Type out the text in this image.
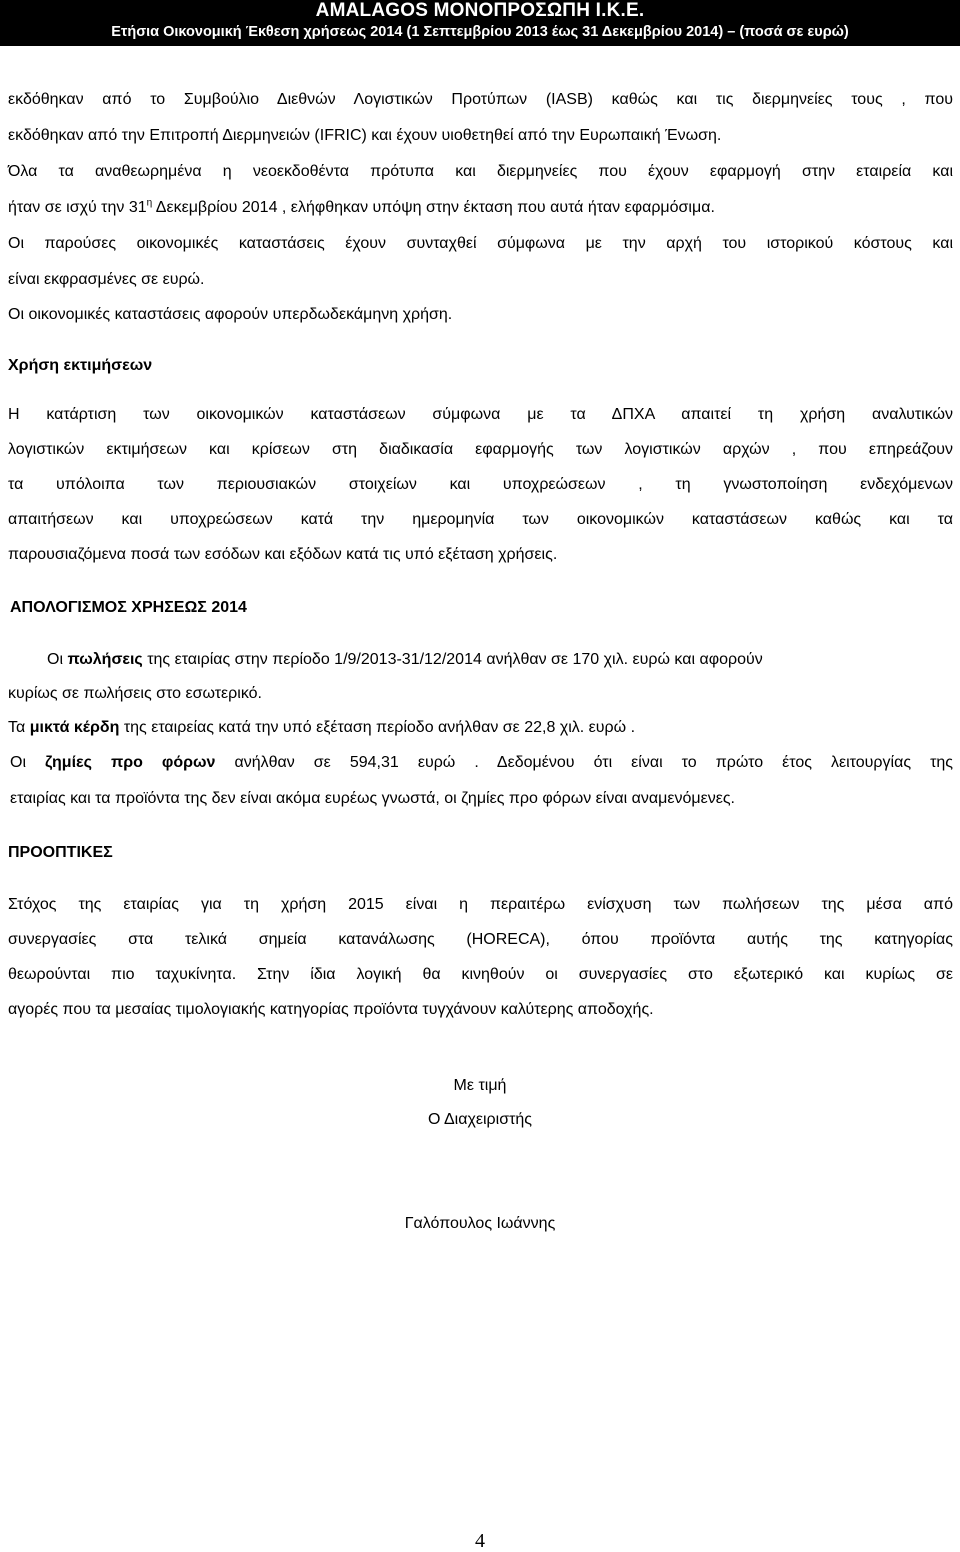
AMALAGOS ΜΟΝΟΠΡΟΣΩΠΗ Ι.Κ.Ε.
Ετήσια Οικονομική Έκθεση χρήσεως 2014 (1 Σεπτεμβρίου 2013 έως 31 Δεκεμβρίου 2014) – (ποσά σε ευρώ)
εκδόθηκαν από το Συμβούλιο Διεθνών Λογιστικών Προτύπων (IASB) καθώς και τις διερμηνείες τους , που
εκδόθηκαν από την Επιτροπή Διερμηνειών (IFRIC) και έχουν υιοθετηθεί από την Ευρωπαική Ένωση.
Όλα τα αναθεωρημένα η νεοεκδοθέντα πρότυπα και διερμηνείες που έχουν εφαρμογή στην εταιρεία και
ήταν σε ισχύ την $31^\eta$ Δεκεμβρίου 2014 , ελήφθηκαν υπόψη στην έκταση που αυτά ήταν εφαρμόσιμα.
Οι παρούσες οικονομικές καταστάσεις έχουν συνταχθεί σύμφωνα με την αρχή του ιστορικού κόστους και
είναι εκφρασμένες σε ευρώ.
Οι οικονομικές καταστάσεις αφορούν υπερδωδεκάμηνη χρήση.
Χρήση εκτιμήσεων
Η κατάρτιση των οικονομικών καταστάσεων σύμφωνα με τα ΔΠΧΑ απαιτεί τη χρήση αναλυτικών
λογιστικών εκτιμήσεων και κρίσεων στη διαδικασία εφαρμογής των λογιστικών αρχών , που επηρεάζουν
τα υπόλοιπα των περιουσιακών στοιχείων και υποχρεώσεων , τη γνωστοποίηση ενδεχόμενων
απαιτήσεων και υποχρεώσεων κατά την ημερομηνία των οικονομικών καταστάσεων καθώς και τα
παρουσιαζόμενα ποσά των εσόδων και εξόδων κατά τις υπό εξέταση χρήσεις.
ΑΠΟΛΟΓΙΣΜΟΣ ΧΡΗΣΕΩΣ 2014
Οι πωλήσεις της εταιρίας στην περίοδο 1/9/2013-31/12/2014 ανήλθαν σε 170 χιλ. ευρώ και αφορούν
κυρίως σε πωλήσεις στο εσωτερικό.
Τα μικτά κέρδη της εταιρείας κατά την υπό εξέταση περίοδο ανήλθαν σε 22,8 χιλ. ευρώ .
Οι ζημίες προ φόρων ανήλθαν σε 594,31 ευρώ . Δεδομένου ότι είναι το πρώτο έτος λειτουργίας της
εταιρίας και τα προϊόντα της δεν είναι ακόμα ευρέως γνωστά, οι ζημίες προ φόρων είναι αναμενόμενες.
ΠΡΟΟΠΤΙΚΕΣ
Στόχος της εταιρίας για τη χρήση 2015 είναι η περαιτέρω ενίσχυση των πωλήσεων της μέσα από
συνεργασίες στα τελικά σημεία κατανάλωσης (HORECA), όπου προϊόντα αυτής της κατηγορίας
θεωρούνται πιο ταχυκίνητα. Στην ίδια λογική θα κινηθούν οι συνεργασίες στο εξωτερικό και κυρίως σε
αγορές που τα μεσαίας τιμολογιακής κατηγορίας προϊόντα τυγχάνουν καλύτερης αποδοχής.
Με τιμή
Ο Διαχειριστής
Γαλόπουλος Ιωάννης
4
